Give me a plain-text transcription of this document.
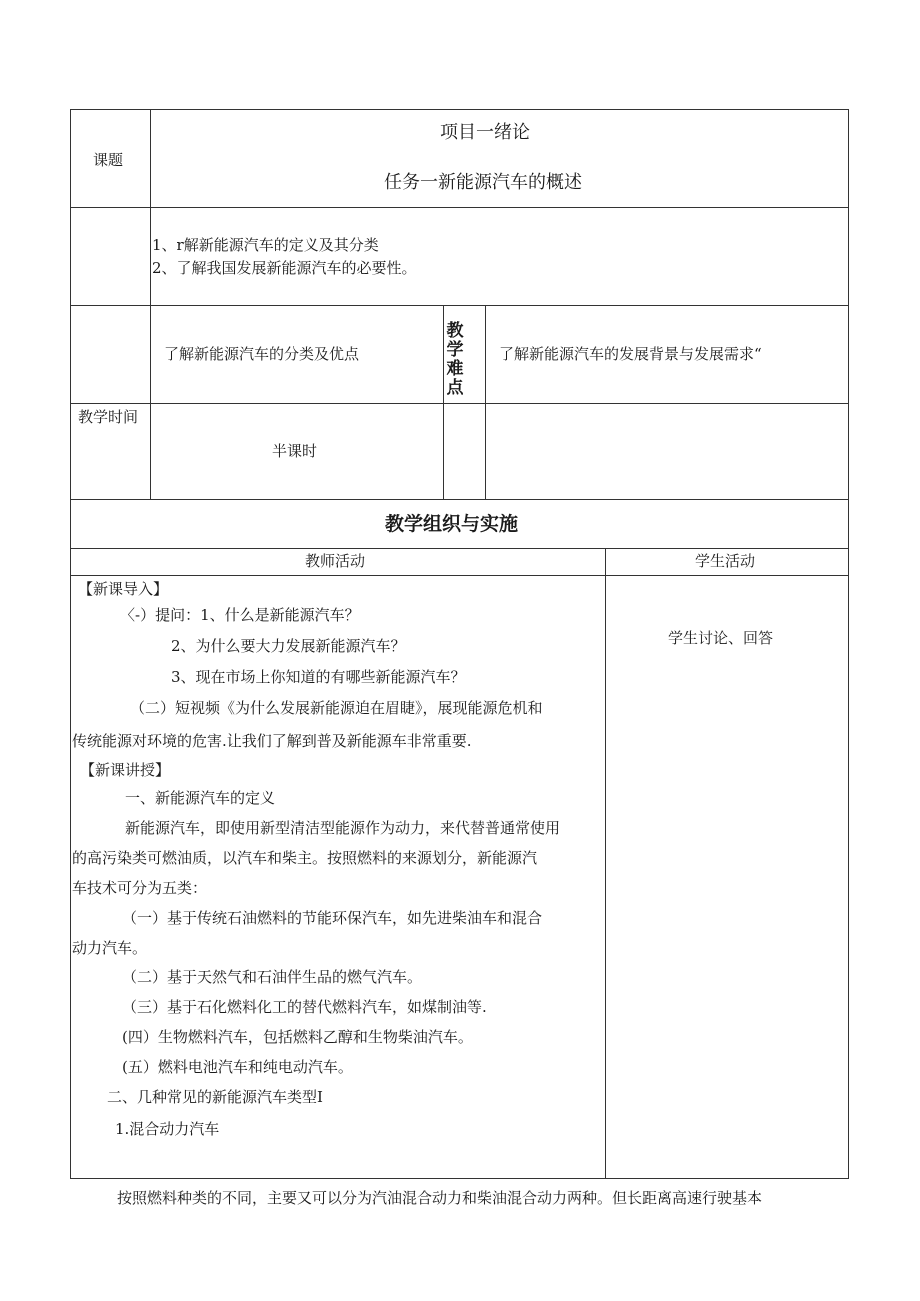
课题
项目一绪论
任务一新能源汽车的概述
1、r解新能源汽车的定义及其分类
2、了解我国发展新能源汽车的必要性。
了解新能源汽车的分类及优点
教
学
难
点
了解新能源汽车的发展背景与发展需求“
教学时间
半课时
教学组织与实施
教师活动	学生活动
学生讨论、回答
【新课导入】
〈-）提问：1、什么是新能源汽车？
2、为什么要大力发展新能源汽车？
3、现在市场上你知道的有哪些新能源汽车？
（二）短视频《为什么发展新能源迫在眉睫》，展现能源危机和
传统能源对环境的危害.让我们了解到普及新能源车非常重要.
【新课讲授】
一、新能源汽车的定义
新能源汽车，即使用新型清洁型能源作为动力，来代替普通常使用
的高污染类可燃油质，以汽车和柴主。按照燃料的来源划分，新能源汽
车技术可分为五类：
（一）基于传统石油燃料的节能环保汽车，如先进柴油车和混合
动力汽车。
（二）基于天然气和石油伴生品的燃气汽车。
（三）基于石化燃料化工的替代燃料汽车，如煤制油等.
(四）生物燃料汽车，包括燃料乙醇和生物柴油汽车。
(五）燃料电池汽车和纯电动汽车。
二、几种常见的新能源汽车类型I
1.混合动力汽车
按照燃料种类的不同，主要又可以分为汽油混合动力和柴油混合动力两种。但长距离高速行驶基本
